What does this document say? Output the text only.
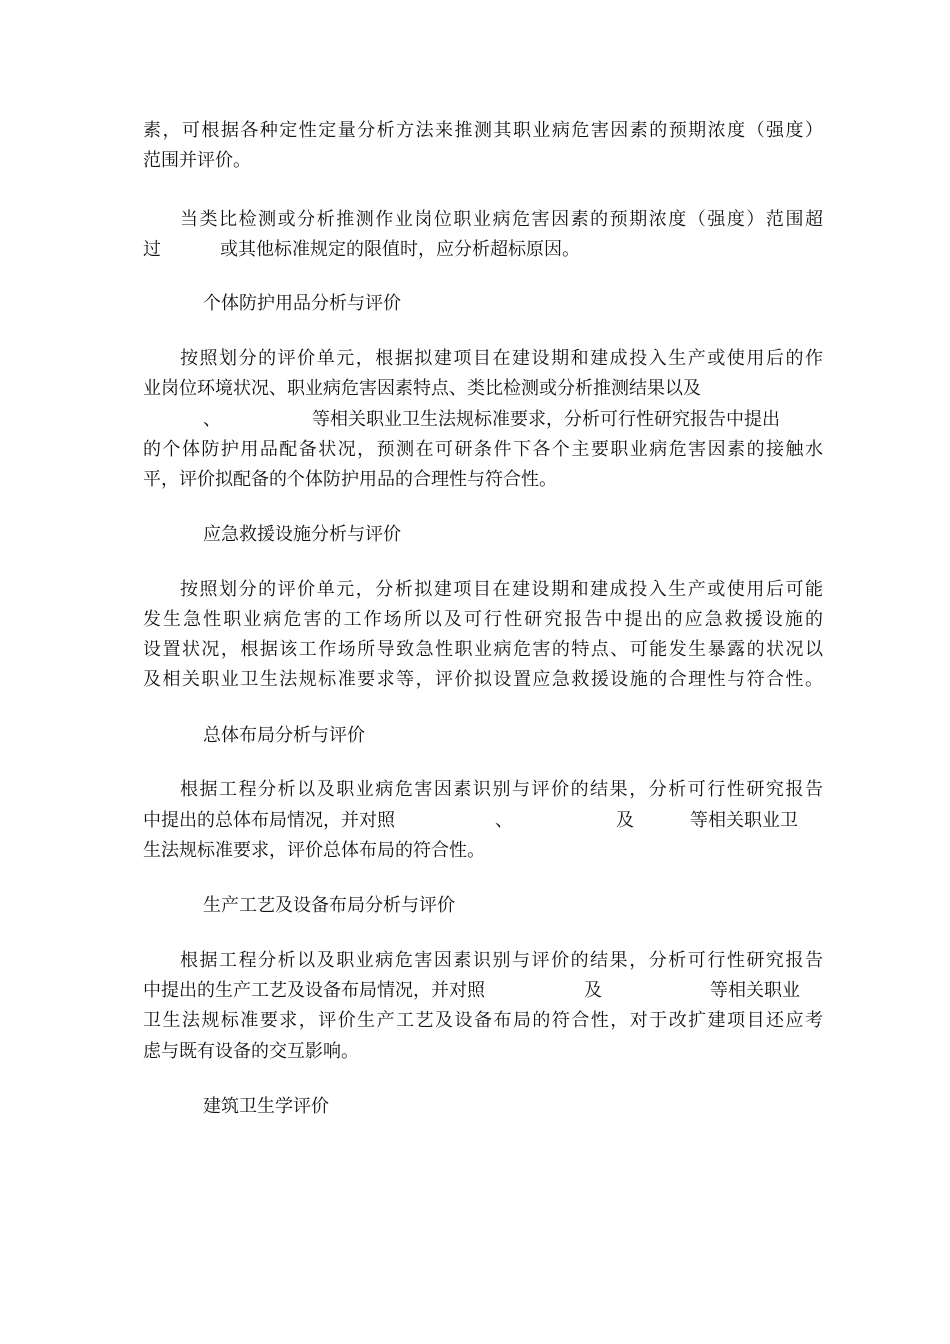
素，可根据各种定性定量分析方法来推测其职业病危害因素的预期浓度（强度）
范围并评价。
当类比检测或分析推测作业岗位职业病危害因素的预期浓度（强度）范围超
过	或其他标准规定的限值时，应分析超标原因。
个体防护用品分析与评价
按照划分的评价单元，根据拟建项目在建设期和建成投入生产或使用后的作
业岗位环境状况、职业病危害因素特点、类比检测或分析推测结果以及
、	等相关职业卫生法规标准要求，分析可行性研究报告中提出
的个体防护用品配备状况，预测在可研条件下各个主要职业病危害因素的接触水
平，评价拟配备的个体防护用品的合理性与符合性。
应急救援设施分析与评价
按照划分的评价单元，分析拟建项目在建设期和建成投入生产或使用后可能
发生急性职业病危害的工作场所以及可行性研究报告中提出的应急救援设施的
设置状况，根据该工作场所导致急性职业病危害的特点、可能发生暴露的状况以
及相关职业卫生法规标准要求等，评价拟设置应急救援设施的合理性与符合性。
总体布局分析与评价
根据工程分析以及职业病危害因素识别与评价的结果，分析可行性研究报告
中提出的总体布局情况，并对照	、	及	等相关职业卫
生法规标准要求，评价总体布局的符合性。
生产工艺及设备布局分析与评价
根据工程分析以及职业病危害因素识别与评价的结果，分析可行性研究报告
中提出的生产工艺及设备布局情况，并对照	及	等相关职业
卫生法规标准要求，评价生产工艺及设备布局的符合性，对于改扩建项目还应考
虑与既有设备的交互影响。
建筑卫生学评价
